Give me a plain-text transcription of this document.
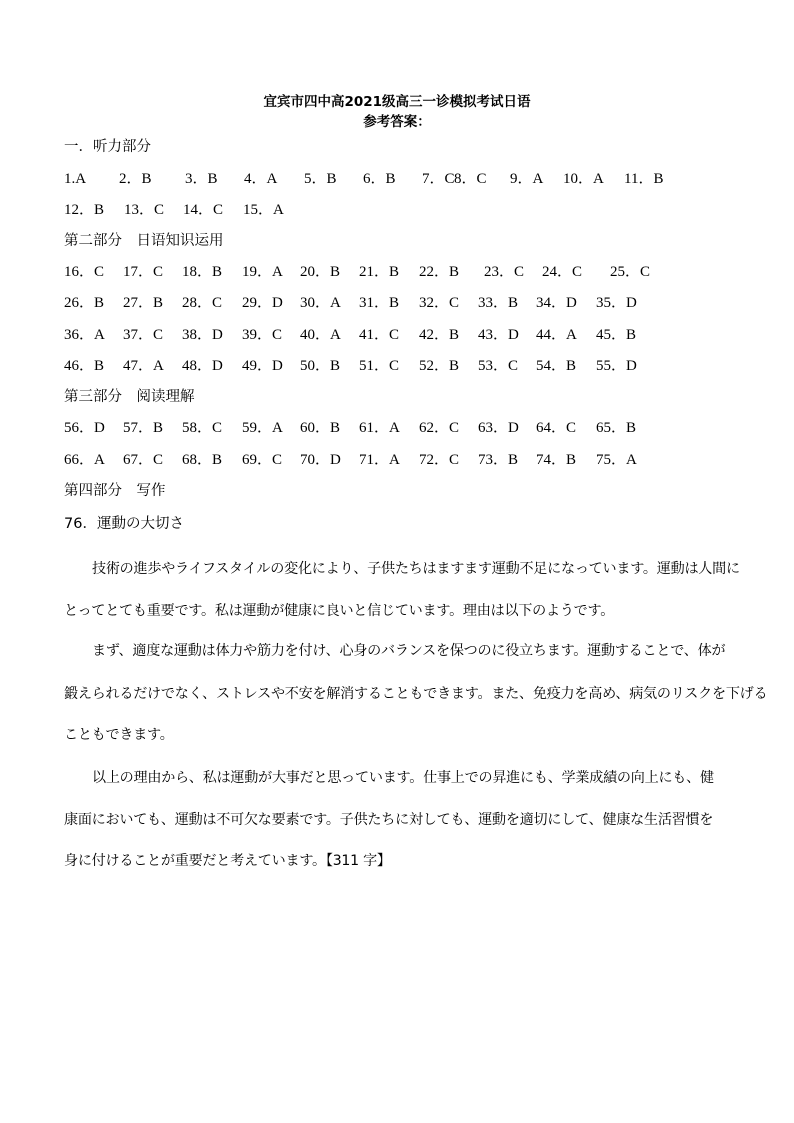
宜宾市四中高2021级高三一诊模拟考试日语
参考答案：
一．听力部分
1.A 2．B 3．B 4．A 5．B 6．B 7．C 8．C 9．A 10．A 11．B
12．B 13．C 14．C 15．A
第二部分　日语知识运用
16．C 17．C 18．B 19．A 20．B 21．B 22．B 23．C 24．C 25．C
26．B 27．B 28．C 29．D 30．A 31．B 32．C 33．B 34．D 35．D
36．A 37．C 38．D 39．C 40．A 41．C 42．B 43．D 44．A 45．B
46．B 47．A 48．D 49．D 50．B 51．C 52．B 53．C 54．B 55．D
第三部分　阅读理解
56．D 57．B 58．C 59．A 60．B 61．A 62．C 63．D 64．C 65．B
66．A 67．C 68．B 69．C 70．D 71．A 72．C 73．B 74．B 75．A
第四部分　写作
76．運動の大切さ
技術の進歩やライフスタイルの変化により、子供たちはますます運動不足になっています。運動は人間に
とってとても重要です。私は運動が健康に良いと信じています。理由は以下のようです。
まず、適度な運動は体力や筋力を付け、心身のバランスを保つのに役立ちます。運動することで、体が
鍛えられるだけでなく、ストレスや不安を解消することもできます。また、免疫力を高め、病気のリスクを下げる
こともできます。
以上の理由から、私は運動が大事だと思っています。仕事上での昇進にも、学業成績の向上にも、健
康面においても、運動は不可欠な要素です。子供たちに対しても、運動を適切にして、健康な生活習慣を
身に付けることが重要だと考えています。【311 字】
